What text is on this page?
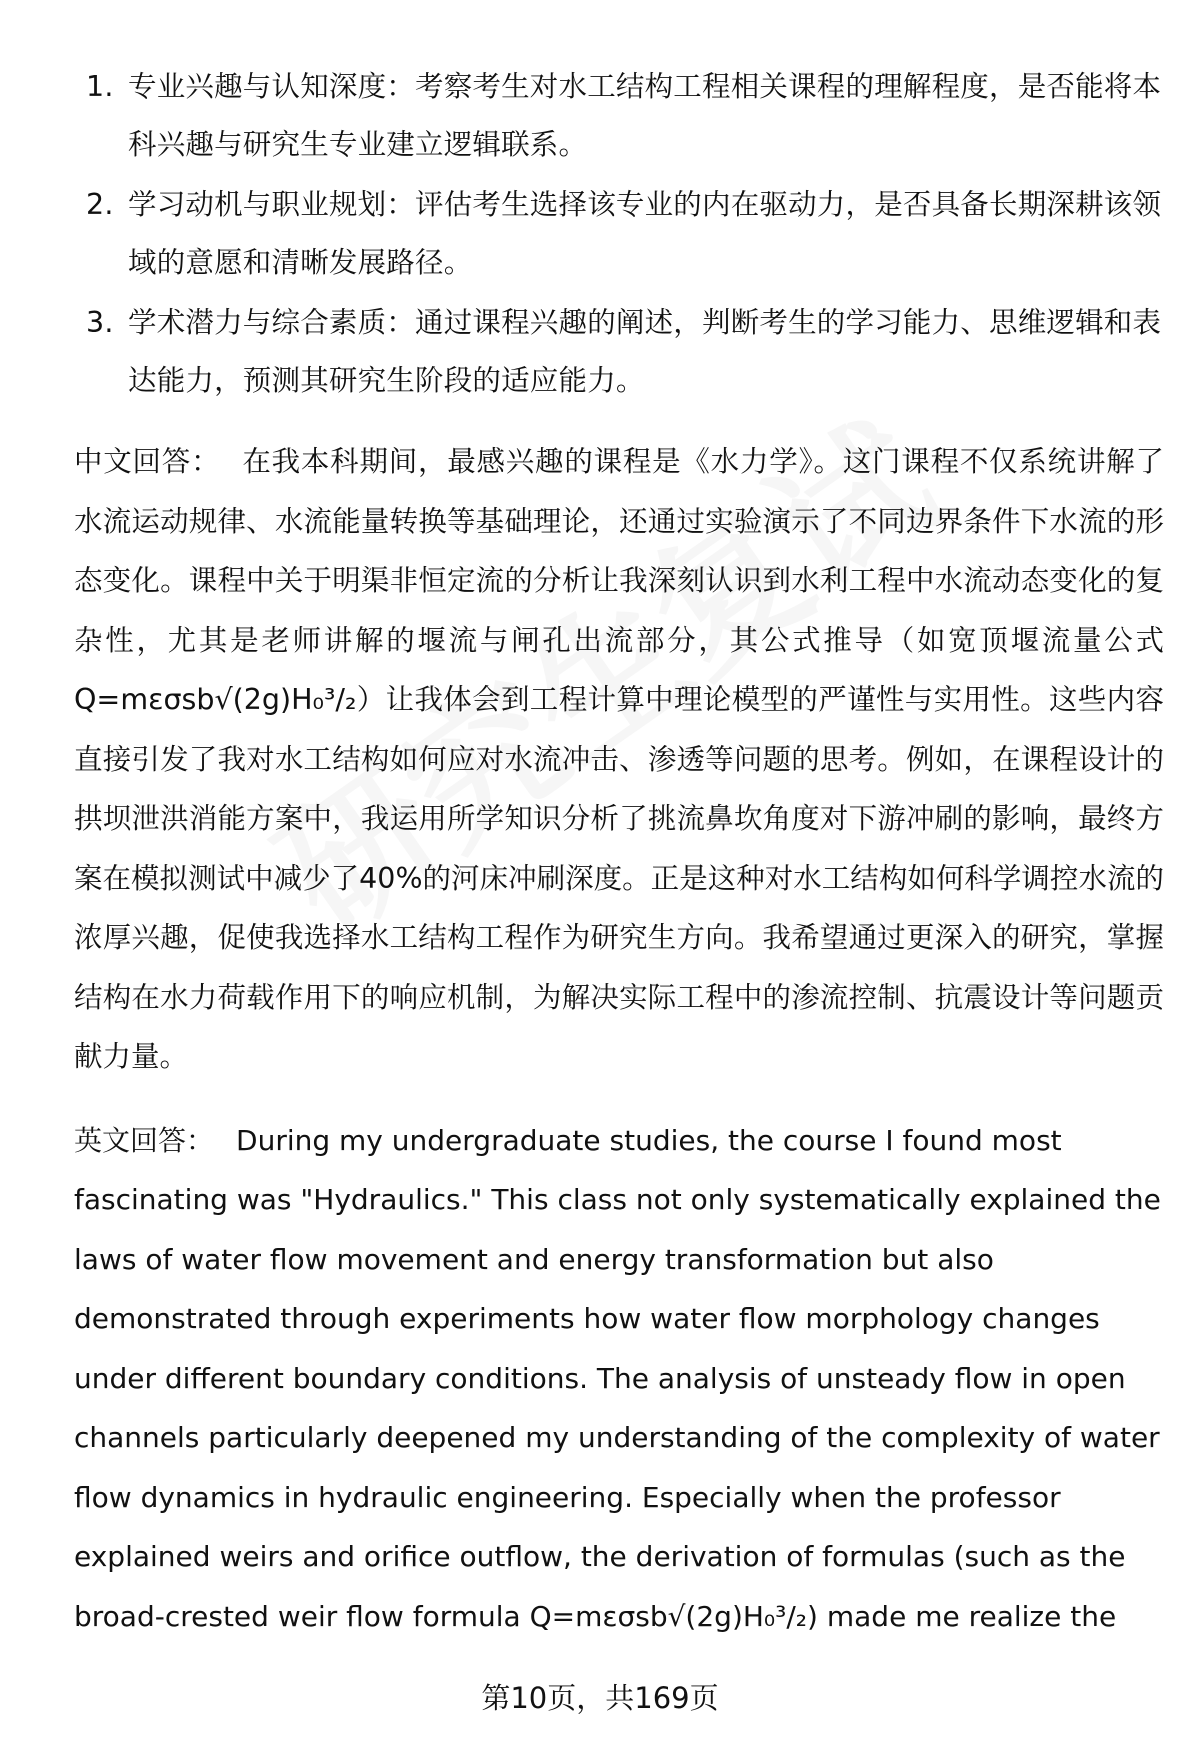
1. 专业兴趣与认知深度：考察考生对水工结构工程相关课程的理解程度，是否能将本科兴趣与研究生专业建立逻辑联系。
2. 学习动机与职业规划：评估考生选择该专业的内在驱动力，是否具备长期深耕该领域的意愿和清晰发展路径。
3. 学术潜力与综合素质：通过课程兴趣的阐述，判断考生的学习能力、思维逻辑和表达能力，预测其研究生阶段的适应能力。

中文回答： 在我本科期间，最感兴趣的课程是《水力学》。这门课程不仅系统讲解了水流运动规律、水流能量转换等基础理论，还通过实验演示了不同边界条件下水流的形态变化。课程中关于明渠非恒定流的分析让我深刻认识到水利工程中水流动态变化的复杂性，尤其是老师讲解的堰流与闸孔出流部分，其公式推导（如宽顶堰流量公式Q=mεσsb√(2g)H₀³/₂）让我体会到工程计算中理论模型的严谨性与实用性。这些内容直接引发了我对水工结构如何应对水流冲击、渗透等问题的思考。例如，在课程设计的拱坝泄洪消能方案中，我运用所学知识分析了挑流鼻坎角度对下游冲刷的影响，最终方案在模拟测试中减少了40%的河床冲刷深度。正是这种对水工结构如何科学调控水流的浓厚兴趣，促使我选择水工结构工程作为研究生方向。我希望通过更深入的研究，掌握结构在水力荷载作用下的响应机制，为解决实际工程中的渗流控制、抗震设计等问题贡献力量。

英文回答： During my undergraduate studies, the course I found most fascinating was "Hydraulics." This class not only systematically explained the laws of water flow movement and energy transformation but also demonstrated through experiments how water flow morphology changes under different boundary conditions. The analysis of unsteady flow in open channels particularly deepened my understanding of the complexity of water flow dynamics in hydraulic engineering. Especially when the professor explained weirs and orifice outflow, the derivation of formulas (such as the broad-crested weir flow formula Q=mεσsb√(2g)H₀³/₂) made me realize the

第10页，共169页
